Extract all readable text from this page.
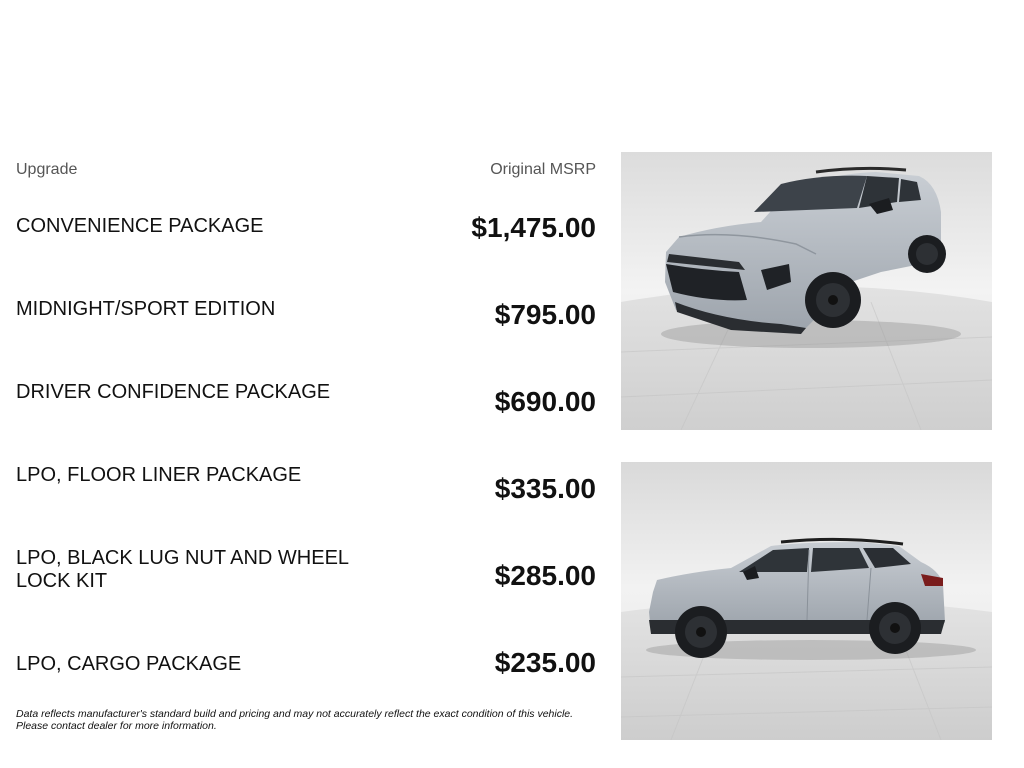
Upgrade	Original MSRP
CONVENIENCE PACKAGE	$1,475.00
MIDNIGHT/SPORT EDITION	$795.00
DRIVER CONFIDENCE PACKAGE	$690.00
LPO, FLOOR LINER PACKAGE	$335.00
LPO, BLACK LUG NUT AND WHEEL LOCK KIT	$285.00
LPO, CARGO PACKAGE	$235.00
Data reflects manufacturer's standard build and pricing and may not accurately reflect the exact condition of this vehicle. Please contact dealer for more information.
